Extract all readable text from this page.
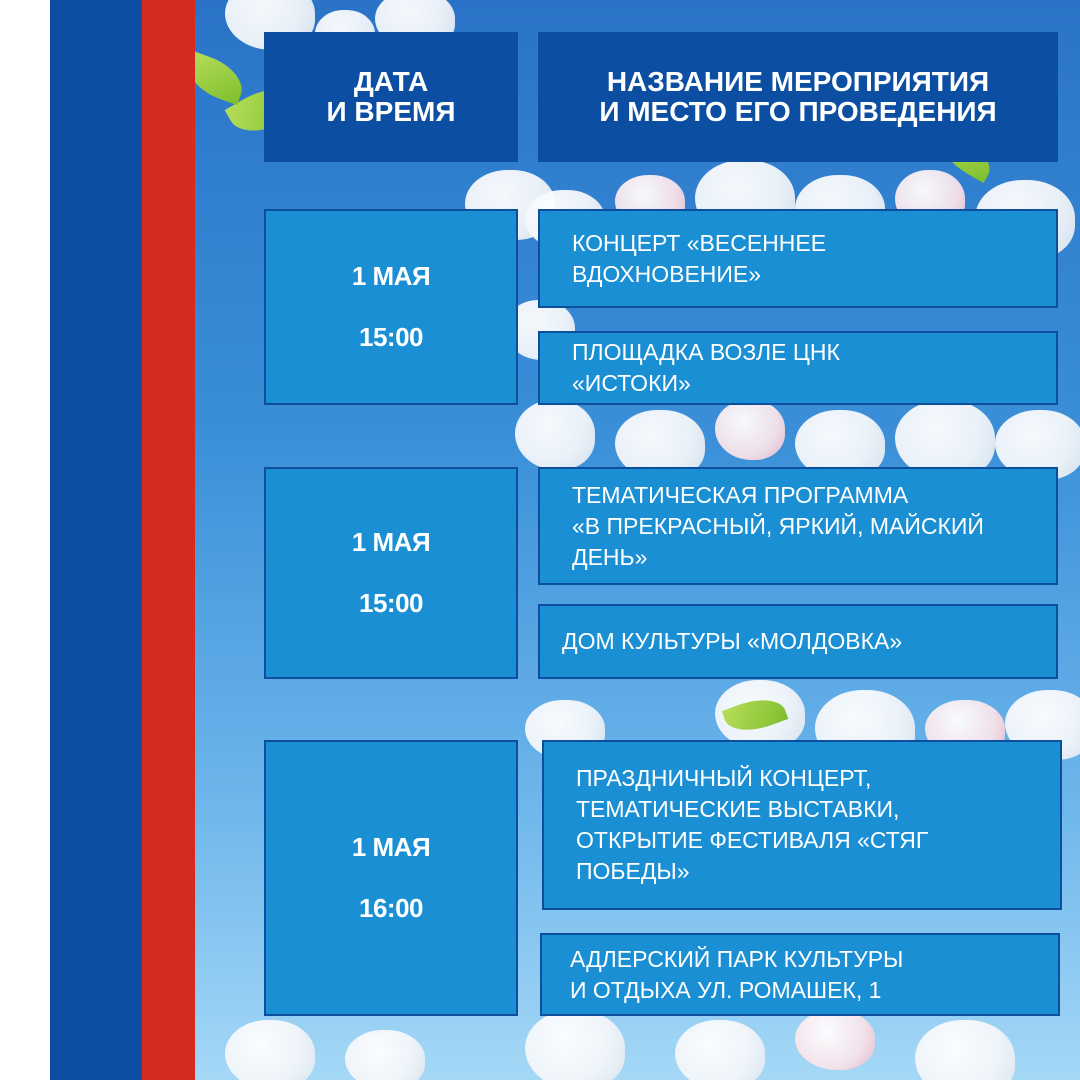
ДАТА
И ВРЕМЯ
НАЗВАНИЕ МЕРОПРИЯТИЯ
И МЕСТО ЕГО ПРОВЕДЕНИЯ
1 МАЯ
15:00
КОНЦЕРТ «ВЕСЕННЕЕ
ВДОХНОВЕНИЕ»
ПЛОЩАДКА ВОЗЛЕ ЦНК
«ИСТОКИ»
1 МАЯ
15:00
ТЕМАТИЧЕСКАЯ ПРОГРАММА
«В ПРЕКРАСНЫЙ, ЯРКИЙ, МАЙСКИЙ
ДЕНЬ»
ДОМ КУЛЬТУРЫ «МОЛДОВКА»
1 МАЯ
16:00
ПРАЗДНИЧНЫЙ КОНЦЕРТ,
ТЕМАТИЧЕСКИЕ ВЫСТАВКИ,
ОТКРЫТИЕ ФЕСТИВАЛЯ «СТЯГ
ПОБЕДЫ»
АДЛЕРСКИЙ ПАРК КУЛЬТУРЫ
И ОТДЫХА УЛ. РОМАШЕК, 1
